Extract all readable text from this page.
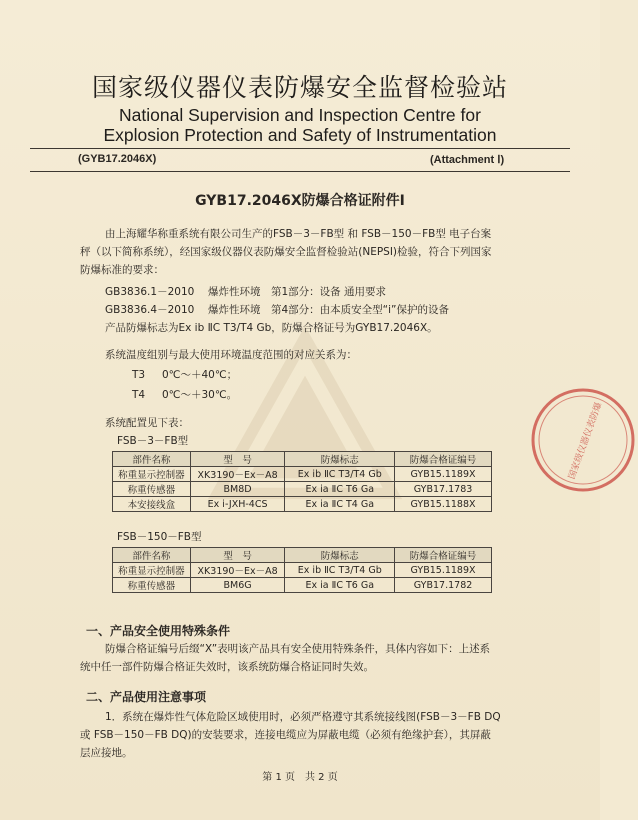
国家级仪器仪表防爆
国家级仪器仪表防爆安全监督检验站
National Supervision and Inspection Centre for
Explosion Protection and Safety of Instrumentation
(GYB17.2046X)	(Attachment Ⅰ)
GYB17.2046X防爆合格证附件Ⅰ
由上海耀华称重系统有限公司生产的FSB－3－FB型 和 FSB－150－FB型 电子台案
秤（以下简称系统），经国家级仪器仪表防爆安全监督检验站(NEPSI)检验，符合下列国家
防爆标准的要求：
GB3836.1－2010 爆炸性环境　第1部分：设备 通用要求
GB3836.4－2010 爆炸性环境　第4部分：由本质安全型“i”保护的设备
产品防爆标志为Ex ib ⅡC T3/T4 Gb，防爆合格证号为GYB17.2046X。
系统温度组别与最大使用环境温度范围的对应关系为：
T3 0℃～＋40℃；
T4 0℃～＋30℃。
系统配置见下表：
FSB－3－FB型
部件名称	型　号	防爆标志	防爆合格证编号
称重显示控制器	XK3190－Ex－A8	Ex ib ⅡC T3/T4 Gb	GYB15.1189X
称重传感器	BM8D	Ex ia ⅡC T6 Ga	GYB17.1783
本安接线盒	Ex i-JXH-4CS	Ex ia ⅡC T4 Ga	GYB15.1188X
FSB－150－FB型
部件名称	型　号	防爆标志	防爆合格证编号
称重显示控制器	XK3190－Ex－A8	Ex ib ⅡC T3/T4 Gb	GYB15.1189X
称重传感器	BM6G	Ex ia ⅡC T6 Ga	GYB17.1782
一、产品安全使用特殊条件
防爆合格证编号后缀“X”表明该产品具有安全使用特殊条件，具体内容如下：上述系
统中任一部件防爆合格证失效时，该系统防爆合格证同时失效。
二、产品使用注意事项
1．系统在爆炸性气体危险区域使用时，必须严格遵守其系统接线图(FSB－3－FB DQ
或 FSB－150－FB DQ)的安装要求，连接电缆应为屏蔽电缆（必须有绝缘护套），其屏蔽
层应接地。
第 1 页　共 2 页
